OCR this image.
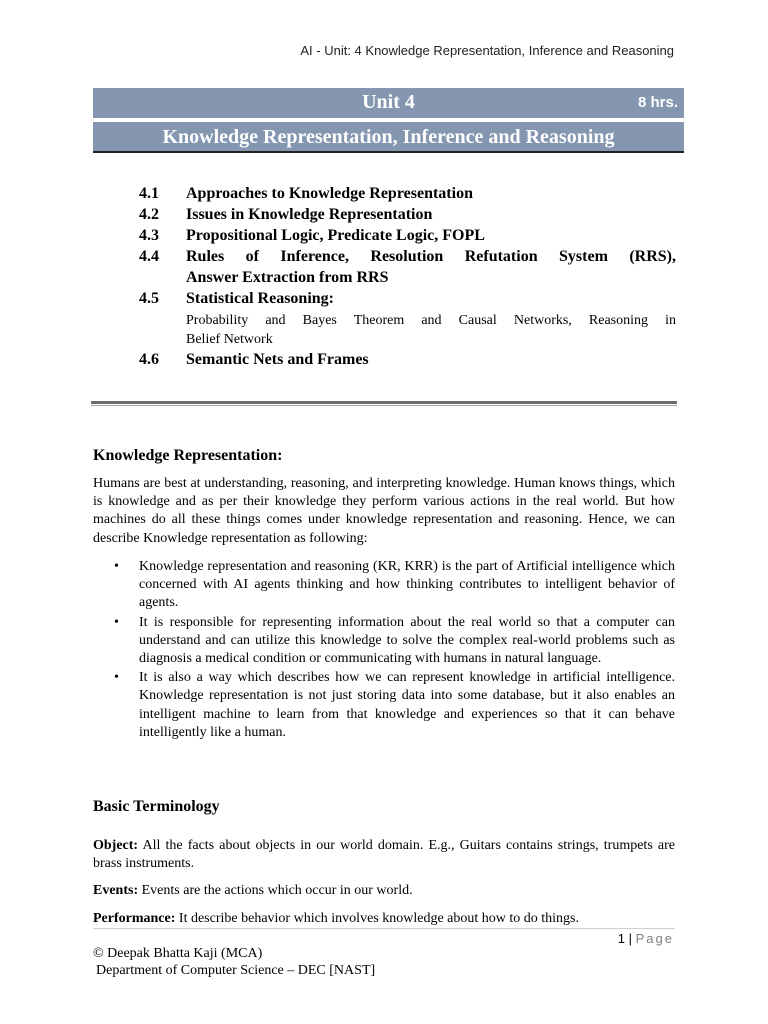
AI - Unit: 4 Knowledge Representation, Inference and Reasoning
Unit 4	8 hrs.
Knowledge Representation, Inference and Reasoning
4.1	Approaches to Knowledge Representation
4.2	Issues in Knowledge Representation
4.3	Propositional Logic, Predicate Logic, FOPL
4.4	Rules of Inference, Resolution Refutation System (RRS),
Answer Extraction from RRS
4.5	Statistical Reasoning:
Probability and Bayes Theorem and Causal Networks, Reasoning in
Belief Network
4.6	Semantic Nets and Frames
Knowledge Representation:
Humans are best at understanding, reasoning, and interpreting knowledge. Human knows things, which is knowledge and as per their knowledge they perform various actions in the real world. But how machines do all these things comes under knowledge representation and reasoning. Hence, we can describe Knowledge representation as following:
• Knowledge representation and reasoning (KR, KRR) is the part of Artificial intelligence which concerned with AI agents thinking and how thinking contributes to intelligent behavior of agents.
• It is responsible for representing information about the real world so that a computer can understand and can utilize this knowledge to solve the complex real-world problems such as diagnosis a medical condition or communicating with humans in natural language.
• It is also a way which describes how we can represent knowledge in artificial intelligence. Knowledge representation is not just storing data into some database, but it also enables an intelligent machine to learn from that knowledge and experiences so that it can behave intelligently like a human.
Basic Terminology
Object: All the facts about objects in our world domain. E.g., Guitars contains strings, trumpets are brass instruments.
Events: Events are the actions which occur in our world.
Performance: It describe behavior which involves knowledge about how to do things.
1 | Page
© Deepak Bhatta Kaji (MCA)
Department of Computer Science – DEC [NAST]
